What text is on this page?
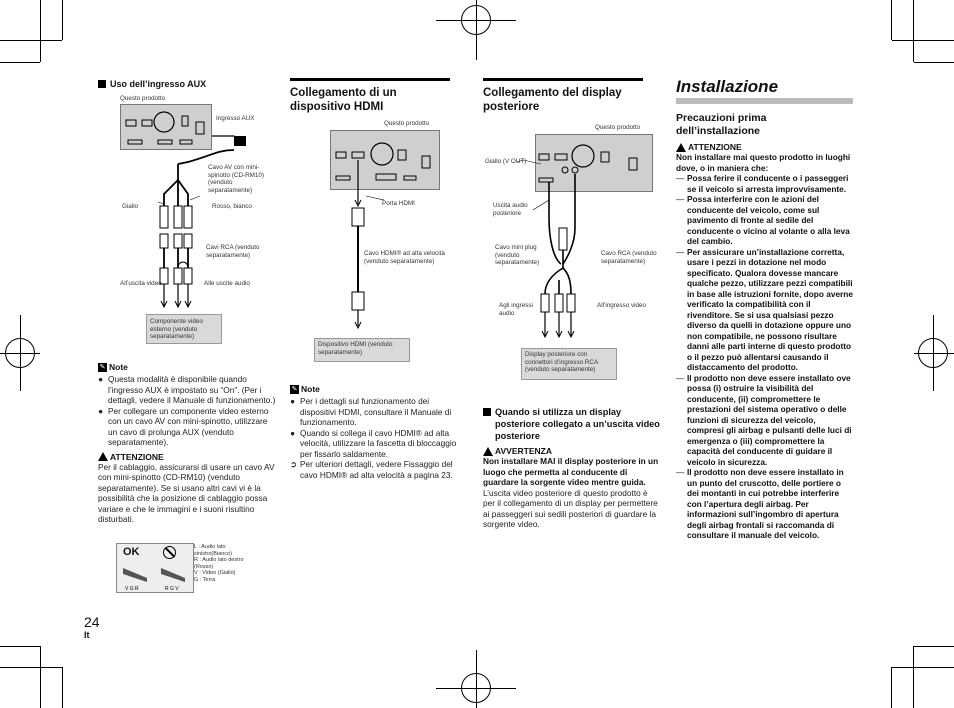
Uso dell’ingresso AUX
Questo prodotto
Ingresso AUX
Cavo AV con mini-spinotto (CD-RM10) (venduto separatamente)
Giallo	Rosso, bianco
Cavi RCA (venduto separatamente)
All’uscita video	Alle uscite audio
Componente video esterno (venduto separatamente)
✎ Note
● Questa modalità è disponibile quando l’ingresso AUX è impostato su “On”. (Per i dettagli, vedere il Manuale di funzionamento.)
● Per collegare un componente video esterno con un cavo AV con mini-spinotto, utilizzare un cavo di prolunga AUX (venduto separatamente).
ATTENZIONE
Per il cablaggio, assicurarsi di usare un cavo AV con mini-spinotto (CD-RM10) (venduto separatamente). Se si usano altri cavi vi è la possibilità che la posizione di cablaggio possa variare e che le immagini e i suoni risultino disturbati.
OK
V G R	R G V
L : Audio lato sinistro(Bianco)
R : Audio lato destro (Rosso)
V : Video (Giallo)
G : Terra
24
It
Collegamento di un dispositivo HDMI
Questo prodotto
Porta HDMI
Cavo HDMI® ad alta velocità (venduto separatamente)
Dispositivo HDMI (venduto separatamente)
✎ Note
● Per i dettagli sul funzionamento dei dispositivi HDMI, consultare il Manuale di funzionamento.
● Quando si collega il cavo HDMI® ad alta velocità, utilizzare la fascetta di bloccaggio per fissarlo saldamente.
➲ Per ulteriori dettagli, vedere Fissaggio del cavo HDMI® ad alta velocità a pagina 23.
Collegamento del display posteriore
Questo prodotto
Giallo (V OUT)
Uscita audio posteriore
Cavo mini plug (venduto separatamente)
Cavo RCA (venduto separatamente)
Agli ingressi audio
All’ingresso video
Display posteriore con connettori d’ingresso RCA (venduto separatamente)
Quando si utilizza un display posteriore collegato a un’uscita video posteriore
AVVERTENZA
Non installare MAI il display posteriore in un luogo che permetta al conducente di guardare la sorgente video mentre guida.
L’uscita video posteriore di questo prodotto è per il collegamento di un display per permettere ai passeggeri sui sedili posteriori di guardare la sorgente video.
Installazione
Precauzioni prima dell’installazione
ATTENZIONE
Non installare mai questo prodotto in luoghi dove, o in maniera che:
— Possa ferire il conducente o i passeggeri se il veicolo si arresta improvvisamente.
— Possa interferire con le azioni del conducente del veicolo, come sul pavimento di fronte al sedile del conducente o vicino al volante o alla leva del cambio.
— Per assicurare un’installazione corretta, usare i pezzi in dotazione nel modo specificato. Qualora dovesse mancare qualche pezzo, utilizzare pezzi compatibili in base alle istruzioni fornite, dopo averne verificato la compatibilità con il rivenditore. Se si usa qualsiasi pezzo diverso da quelli in dotazione oppure uno non compatibile, ne possono risultare danni alle parti interne di questo prodotto o il pezzo può allentarsi causando il distaccamento del prodotto.
— Il prodotto non deve essere installato ove possa (i) ostruire la visibilità del conducente, (ii) compromettere le prestazioni del sistema operativo o delle funzioni di sicurezza del veicolo, compresi gli airbag e pulsanti delle luci di emergenza o (iii) compromettere la capacità del conducente di guidare il veicolo in sicurezza.
— Il prodotto non deve essere installato in un punto del cruscotto, delle portiere o dei montanti in cui potrebbe interferire con l’apertura degli airbag. Per informazioni sull’ingombro di apertura degli airbag frontali si raccomanda di consultare il manuale del veicolo.
